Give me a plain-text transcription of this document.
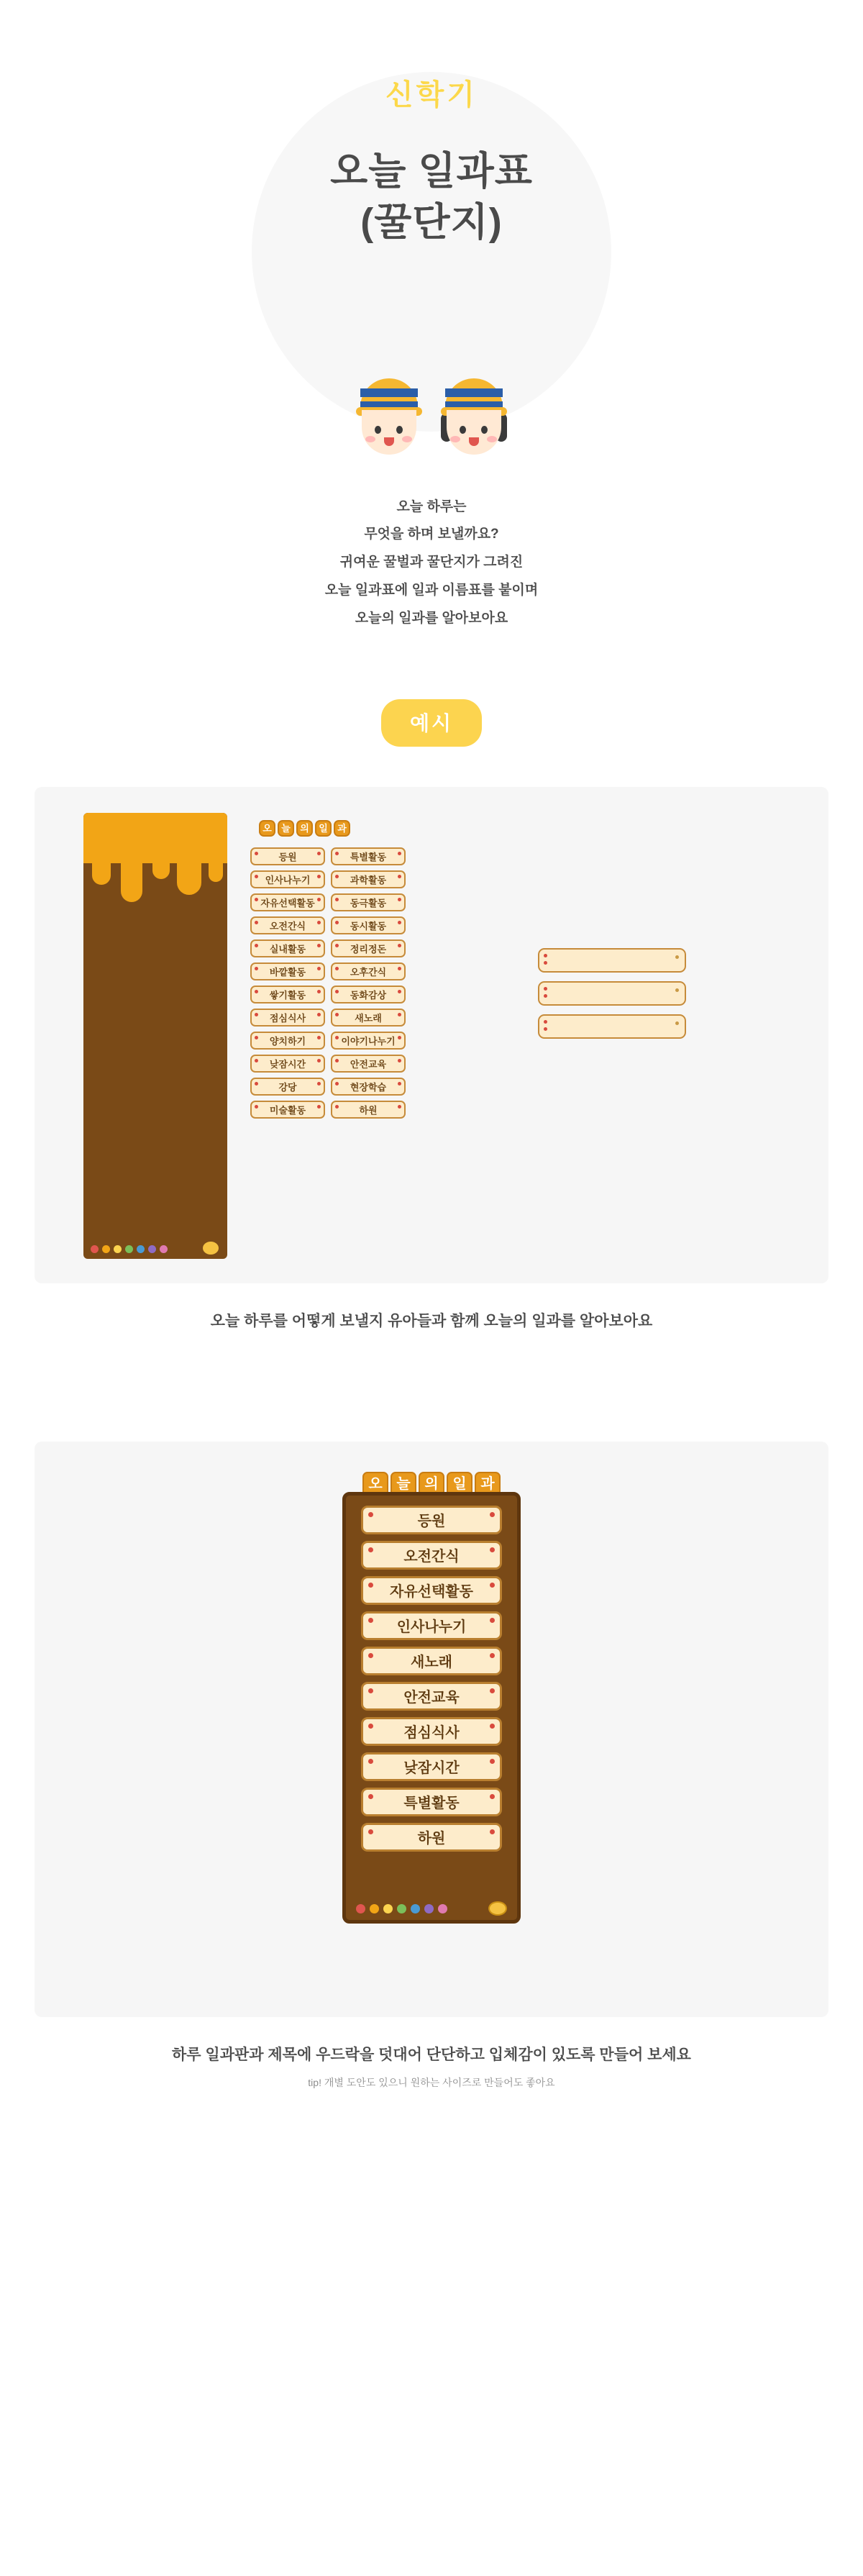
신학기
오늘 일과표
(꿀단지)
오늘 하루는
무엇을 하며 보낼까요?
귀여운 꿀벌과 꿀단지가 그려진
오늘 일과표에 일과 이름표를 붙이며
오늘의 일과를 알아보아요
예시
오	늘	의	일	과
등원
인사나누기
자유선택활동
오전간식
실내활동
바깥활동
쌓기활동
점심식사
양치하기
낮잠시간
강당
미술활동
특별활동
과학활동
동극활동
동시활동
정리정돈
오후간식
동화감상
새노래
이야기나누기
안전교육
현장학습
하원
오늘 하루를 어떻게 보낼지 유아들과 함께 오늘의 일과를 알아보아요
오 늘 의 일 과
등원
오전간식
자유선택활동
인사나누기
새노래
안전교육
점심식사
낮잠시간
특별활동
하원
하루 일과판과 제목에 우드락을 덧대어 단단하고 입체감이 있도록 만들어 보세요
tip! 개별 도안도 있으니 원하는 사이즈로 만들어도 좋아요
